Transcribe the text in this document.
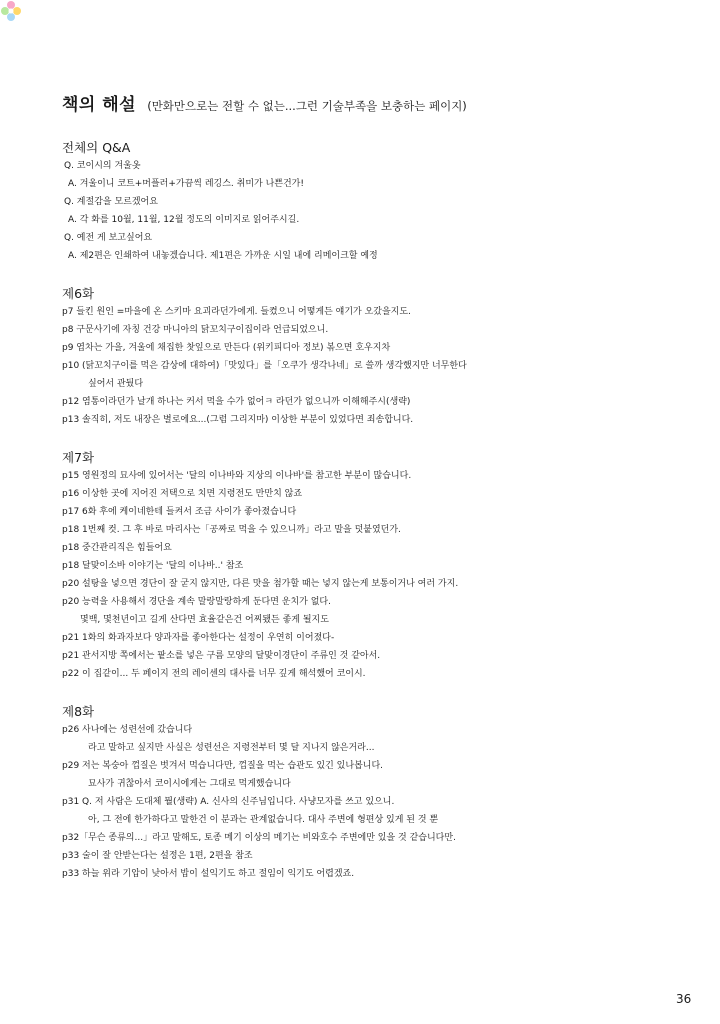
책의 해설 (만화만으로는 전할 수 없는...그런 기술부족을 보충하는 페이지)
전체의 Q&A
Q. 코이시의 겨울옷
A. 겨울이니 코트+머플러+가끔씩 레깅스. 취미가 나쁜건가!
Q. 계절감을 모르겠어요
A. 각 화를 10월, 11월, 12월 정도의 이미지로 읽어주시길.
Q. 예전 게 보고싶어요
A. 제2편은 인쇄하여 내놓겠습니다. 제1편은 가까운 시일 내에 리메이크할 예정
제6화
p7 들킨 원인 =마을에 온 스키마 요괴라던가에게. 들켰으니 어떻게든 얘기가 오갔을지도.
p8 구문사기에 자칭 건강 마니아의 닭꼬치구이집이라 언급되었으니.
p9 엽차는 가을, 겨울에 채집한 찻잎으로 만든다 (위키피디아 정보) 볶으면 호우지차
p10 (닭꼬치구이를 먹은 감상에 대하여)「맛있다」를「오쿠가 생각나네」로 쓸까 생각했지만 너무한다
싶어서 관뒀다
p12 염통이라던가 날개 하나는 커서 먹을 수가 없어ㅋ 라던가 없으니까 이해해주시(생략)
p13 솔직히, 저도 내장은 별로에요...(그럼 그리지마) 이상한 부분이 있었다면 죄송합니다.
제7화
p15 영원정의 묘사에 있어서는 '달의 이나바와 지상의 이나바'를 참고한 부분이 많습니다.
p16 이상한 곳에 지어진 저택으로 치면 지령전도 만만치 않죠
p17 6화 후에 케이네한테 들켜서 조금 사이가 좋아졌습니다
p18 1번째 컷. 그 후 바로 마리사는「공짜로 먹을 수 있으니까」라고 말을 덧붙였던가.
p18 중간관리직은 힘들어요
p18 달맞이소바 이야기는 '달의 이나바..' 참조
p20 설탕을 넣으면 경단이 잘 굳지 않지만, 다른 맛을 첨가할 때는 넣지 않는게 보통이거나 여러 가지.
p20 능력을 사용해서 경단을 계속 말랑말랑하게 둔다면 운치가 없다.
몇백, 몇천년이고 길게 산다면 효율같은건 어찌됐든 좋게 될지도
p21 1화의 화과자보다 양과자를 좋아한다는 설정이 우연히 이어졌다-
p21 관서지방 쪽에서는 팥소를 넣은 구름 모양의 달맞이경단이 주류인 것 같아서.
p22 이 집같이... 두 페이지 전의 레이센의 대사를 너무 깊게 해석했어 코이시.
제8화
p26 사나에는 성련선에 갔습니다
라고 말하고 싶지만 사실은 성련선은 지령전부터 몇 달 지나지 않은거라...
p29 저는 복숭아 껍질은 벗겨서 먹습니다만, 껍질을 먹는 습관도 있긴 있나봅니다.
묘사가 귀찮아서 코이시에게는 그대로 먹게했습니다
p31 Q. 저 사람은 도대체 뭘(생략) A. 신사의 신주님입니다. 사냥모자를 쓰고 있으니.
아, 그 전에 한가하다고 말한건 이 분과는 관계없습니다. 대사 주변에 형편상 있게 된 것 뿐
p32「무슨 종류의...」라고 말해도, 토종 메기 이상의 메기는 비와호수 주변에만 있을 것 같습니다만.
p33 술이 잘 안받는다는 설정은 1편, 2편을 참조
p33 하늘 위라 기압이 낮아서 밥이 설익기도 하고 절임이 익기도 어렵겠죠.
36
